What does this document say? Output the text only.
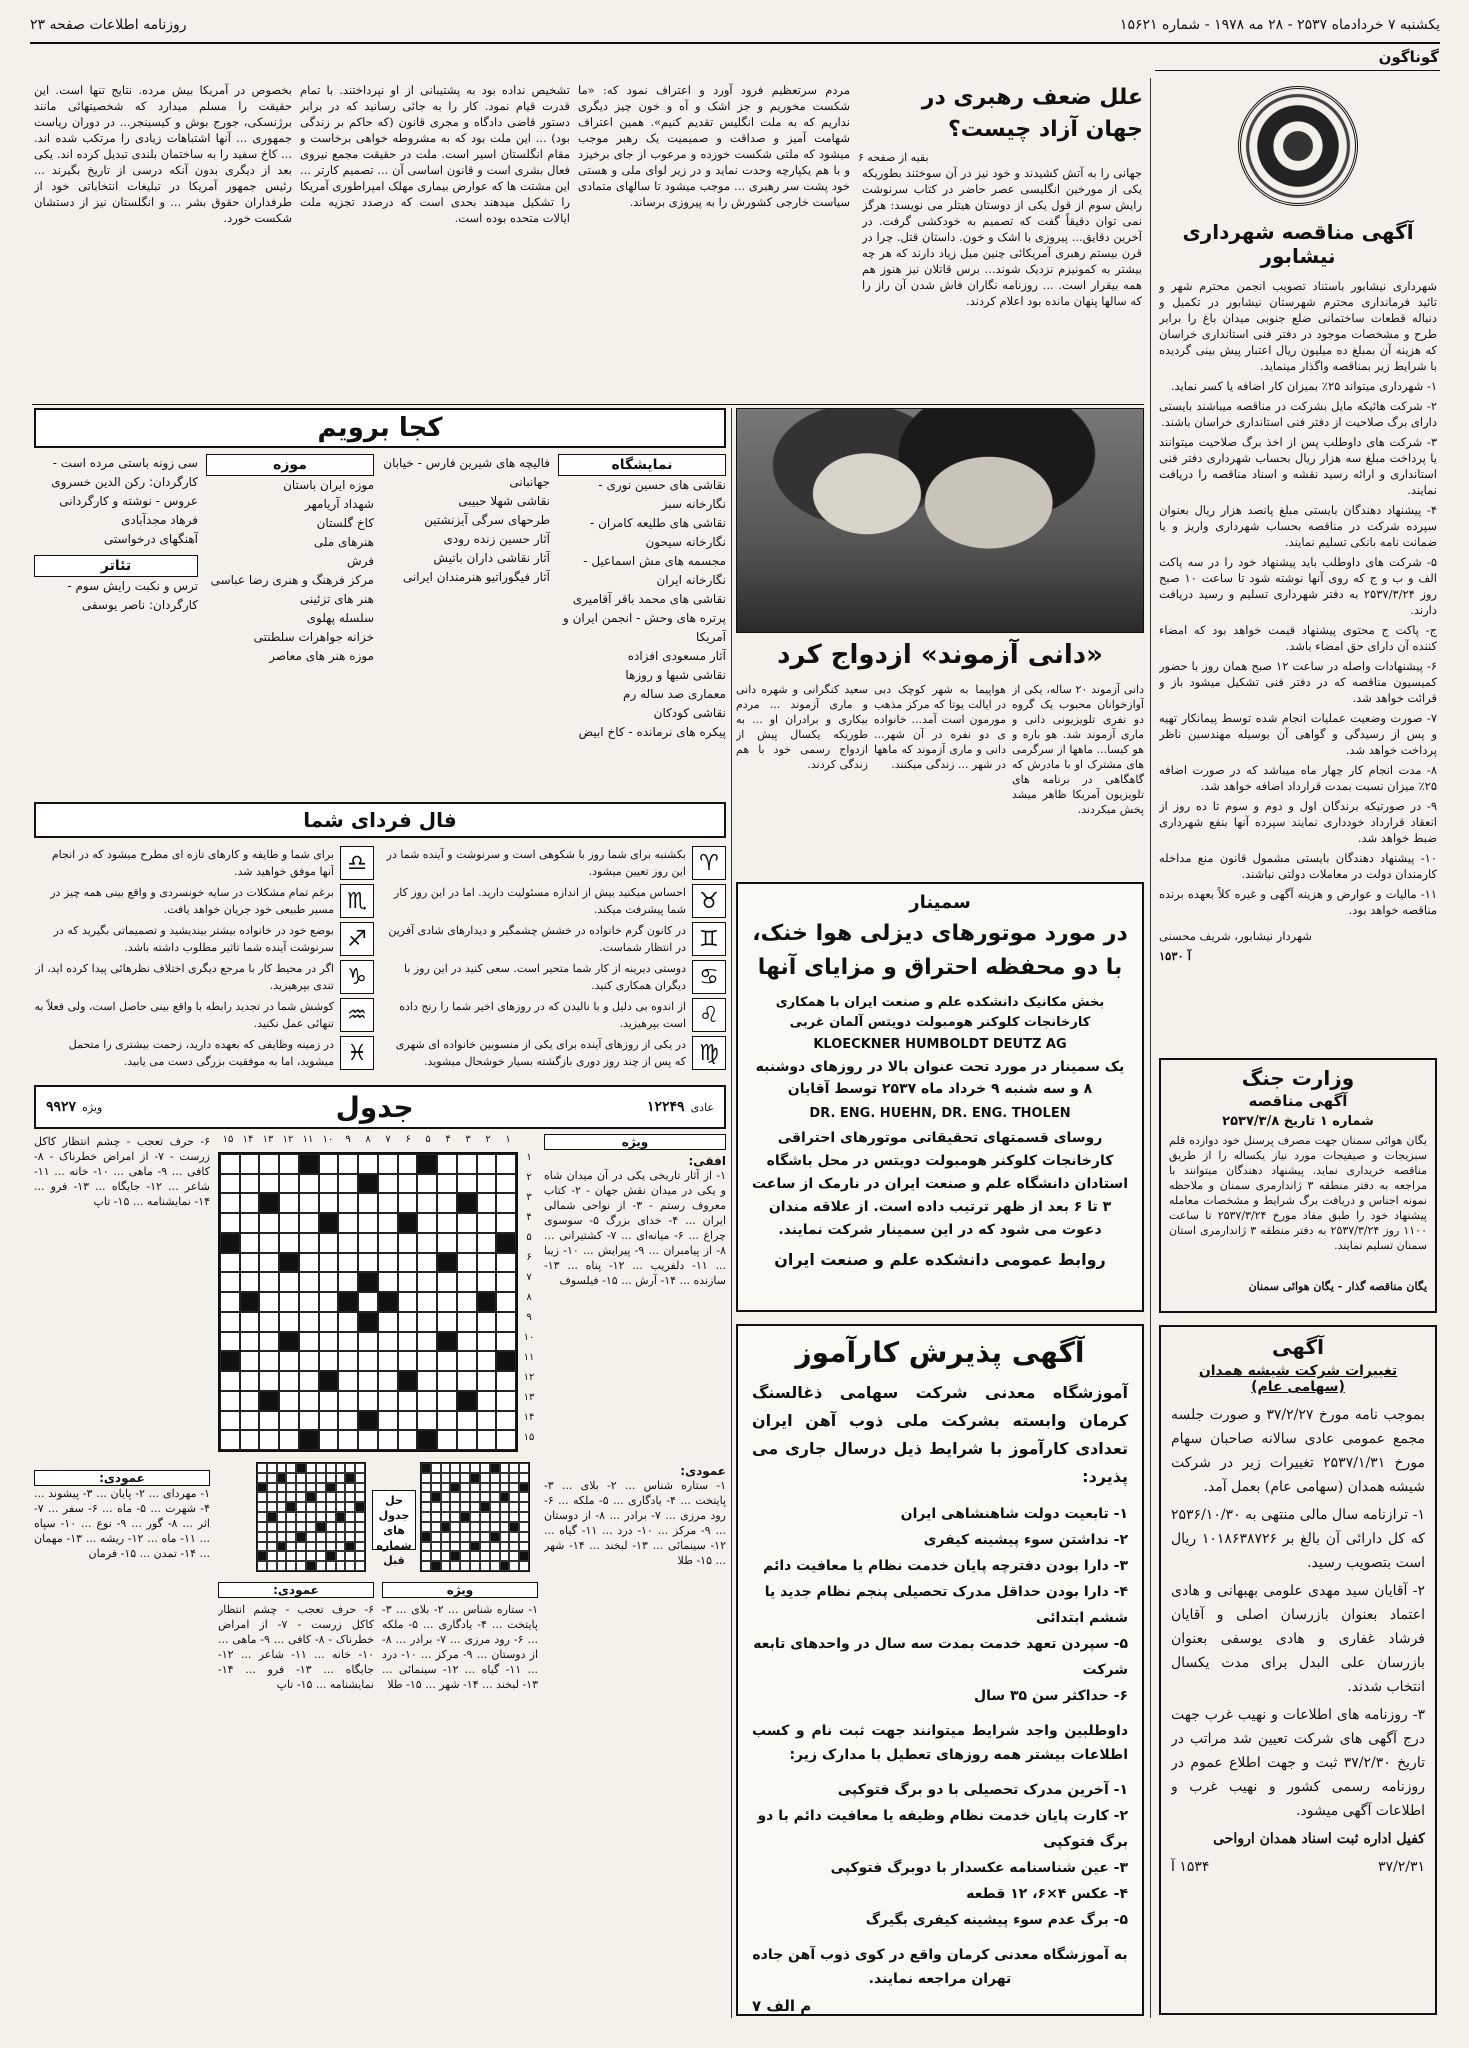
یکشنبه ۷ خردادماه ۲۵۳۷ - ۲۸ مه ۱۹۷۸ - شماره ۱۵۶۲۱
روزنامه اطلاعات صفحه ۲۳
گوناگون
آگهی مناقصه شهرداری نیشابور

شهرداری نیشابور باستناد تصویب انجمن محترم شهر و تائید فرمانداری محترم شهرستان نیشابور در تکمیل و دنباله قطعات ساختمانی ضلع جنوبی میدان باغ را برابر طرح و مشخصات موجود در دفتر فنی استانداری خراسان که هزینه آن بمبلغ ده میلیون ریال اعتبار پیش بینی گردیده با شرایط زیر بمناقصه واگذار مینماید.

۱- شهرداری میتواند ۲۵٪ بمیزان کار اضافه یا کسر نماید.

۲- شرکت هائیکه مایل بشرکت در مناقصه میباشند بایستی دارای برگ صلاحیت از دفتر فنی استانداری خراسان باشند.

۳- شرکت های داوطلب پس از اخذ برگ صلاحیت میتوانند یا پرداخت مبلغ سه هزار ریال بحساب شهرداری دفتر فنی استانداری و ارائه رسید نقشه و اسناد مناقصه را دریافت نمایند.

۴- پیشنهاد دهندگان بایستی مبلغ پانصد هزار ریال بعنوان سپرده شرکت در مناقصه بحساب شهرداری واریز و یا ضمانت نامه بانکی تسلیم نمایند.

۵- شرکت های داوطلب باید پیشنهاد خود را در سه پاکت الف و ب و ج که روی آنها نوشته شود تا ساعت ۱۰ صبح روز ۲۵۳۷/۳/۲۴ به دفتر شهرداری تسلیم و رسید دریافت دارند.

ج- پاکت ج محتوی پیشنهاد قیمت خواهد بود که امضاء کننده آن دارای حق امضاء باشد.

۶- پیشنهادات واصله در ساعت ۱۲ صبح همان روز با حضور کمیسیون مناقصه که در دفتر فنی تشکیل میشود باز و قرائت خواهد شد.

۷- صورت وضعیت عملیات انجام شده توسط پیمانکار تهیه و پس از رسیدگی و گواهی آن بوسیله مهندسین ناظر پرداخت خواهد شد.

۸- مدت انجام کار چهار ماه میباشد که در صورت اضافه ۲۵٪ میزان نسبت بمدت قرارداد اضافه خواهد شد.

۹- در صورتیکه برندگان اول و دوم و سوم تا ده روز از انعقاد قرارداد خودداری نمایند سپرده آنها بنفع شهرداری ضبط خواهد شد.

۱۰- پیشنهاد دهندگان بایستی مشمول قانون منع مداخله کارمندان دولت در معاملات دولتی نباشند.

۱۱- مالیات و عوارض و هزینه آگهی و غیره کلاً بعهده برنده مناقصه خواهد بود.

شهردار نیشابور، شریف محسنی

آ ۱۵۳۰

وزارت جنگ
آگهی مناقصه
شماره ۱ تاریخ ۲۵۳۷/۳/۸
یگان هوائی سمنان جهت مصرف پرسنل خود دوازده قلم سبزیجات و صیفیجات مورد نیاز یکساله را از طریق مناقصه خریداری نماید. پیشنهاد دهندگان میتوانند با مراجعه به دفتر منطقه ۳ ژاندارمری سمنان و ملاحظه نمونه اجناس و دریافت برگ شرایط و مشخصات معامله پیشنهاد خود را طبق مفاد مورخ ۲۵۳۷/۳/۲۴ تا ساعت ۱۱۰۰ روز ۲۵۳۷/۳/۲۴ به دفتر منطقه ۳ ژاندارمری استان سمنان تسلیم نمایند.
یگان مناقصه گذار - یگان هوائی سمنان
آگهی
تغییرات شرکت شیشه همدان (سهامی عام)

بموجب نامه مورخ ۳۷/۲/۲۷ و صورت جلسه مجمع عمومی عادی سالانه صاحبان سهام مورخ ۲۵۳۷/۱/۳۱ تغییرات زیر در شرکت شیشه همدان (سهامی عام) بعمل آمد.

۱- ترازنامه سال مالی منتهی به ۲۵۳۶/۱۰/۳۰ که کل دارائی آن بالغ بر ۱۰۱۸۶۳۸۷۲۶ ریال است بتصویب رسید.

۲- آقایان سید مهدی علومی بهبهانی و هادی اعتماد بعنوان بازرسان اصلی و آقایان فرشاد غفاری و هادی یوسفی بعنوان بازرسان علی البدل برای مدت یکسال انتخاب شدند.

۳- روزنامه های اطلاعات و نهیب غرب جهت درج آگهی های شرکت تعیین شد مراتب در تاریخ ۳۷/۲/۳۰ ثبت و جهت اطلاع عموم در روزنامه رسمی کشور و نهیب غرب و اطلاعات آگهی میشود.

کفیل اداره ثبت اسناد همدان ارواحی

۳۷/۲/۳۱
۱۵۳۴ آ

علل ضعف رهبری در جهان آزاد چیست؟
بقیه از صفحه ۶
جهانی را به آتش کشیدند و خود نیز در آن سوختند بطوریکه یکی از مورخین انگلیسی عصر حاضر در کتاب سرنوشت رایش سوم از قول یکی از دوستان هیتلر می نویسد: هرگز نمی توان دقیقاً گفت که تصمیم به خودکشی گرفت. در آخرین دقایق... پیروزی با اشک و خون. داستان قتل. چرا در قرن بیستم رهبری آمریکائی چنین میل زیاد دارند که هر چه بیشتر به کمونیزم نزدیک شوند... برس قاتلان نیز هنوز هم همه بیقرار است. ... روزنامه نگاران فاش شدن آن راز را که سالها پنهان مانده بود اعلام کردند.
مردم سرتعظیم فرود آورد و اعتراف نمود که: «ما شکست مخوریم و جز اشک و آه و خون چیز دیگری نداریم که به ملت انگلیس تقدیم کنیم». همین اعتراف شهامت آمیز و صداقت و صمیمیت یک رهبر موجب میشود که ملتی شکست خورده و مرعوب از جای برخیزد و با هم یکپارچه وحدت نماید و در زیر لوای ملی و هستی خود پشت سر رهبری ... موجب میشود تا سالهای متمادی سیاست خارجی کشورش را به پیروزی برساند.
تشخیص نداده بود به پشتیبانی از او نپرداختند. با تمام قدرت قیام نمود. کار را به جائی رسانید که در برابر دستور قاضی دادگاه و مجری قانون (که حاکم بر زندگی بود) ... این ملت بود که به مشروطه خواهی برخاست و مقام انگلستان اسیر است. ملت در حقیقت مجمع نیروی فعال بشری است و قانون اساسی آن ... تصمیم کارتر ... این مشتت ها که عوارض بیماری مهلک امپراطوری آمریکا را تشکیل میدهند بحدی است که درصدد تجزیه ملت ایالات متحده بوده است.
بخصوص در آمریکا بیش مرده. نتایج تنها است. این حقیقت را مسلم میدارد که شخصیتهائی مانند برژنسکی، جورج بوش و کیسینجر... در دوران ریاست جمهوری ... آنها اشتباهات زیادی را مرتکب شده اند. ... کاخ سفید را به ساختمان بلندی تبدیل کرده اند. یکی بعد از دیگری بدون آنکه درسی از تاریخ بگیرند ... رئیس جمهور آمریکا در تبلیغات انتخاباتی خود از طرفداران حقوق بشر ... و انگلستان نیز از دستشان شکست خورد.
«دانی آزموند» ازدواج کرد
دانی آزموند ۲۰ ساله، یکی از آوازخوانان محبوب یک گروه دو نفری تلویزیونی دانی و ماری آزموند شد. هو باره و هو کیسا... ماهها از سرگرمی های مشترک او با مادرش که گاهگاهی در برنامه های تلویزیون آمریکا ظاهر میشد پخش میکردند.
هواپیما به شهر کوچک دبی در ایالت یوتا که مرکز مذهب مورمون است آمد... خانواده ی دو نفره در آن شهر... دانی و ماری آزموند که ماهها در شهر ... زندگی میکنند.
سعید کنگرانی و شهره دانی و ماری آزموند ... مردم بیکاری و برادران او ... به طوریکه یکسال پیش از ازدواج رسمی خود با هم زندگی کردند.
کجا برویم
نمایشگاه
نقاشی های حسین نوری - نگارخانه سبز
نقاشی های طلیعه کامران - نگارخانه سیحون
مجسمه های مش اسماعیل - نگارخانه ایران
نقاشی های محمد باقر آقامیری
پرتره های وحش - انجمن ایران و آمریکا
آثار مسعودی افزاده
نقاشی شبها و روزها
معماری صد ساله رم
نقاشی کودکان
پیکره های نرمانده - کاخ ابیض
فالیچه های شیرین فارس - خیابان جهانبانی
نقاشی شهلا حبیبی
طرحهای سرگی آیزنشتین
آثار حسین زنده رودی
آثار نقاشی داران باتیش
آثار فیگوراتیو هنرمندان ایرانی
موزه
موزه ایران باستان
شهداد آریامهر
کاخ گلستان
هنرهای ملی
فرش
مرکز فرهنگ و هنری رضا عباسی
هنر های تزئینی
سلسله پهلوی
خزانه جواهرات سلطنتی
موزه هنر های معاصر
سی زونه باستی مرده است - کارگردان: رکن الدین خسروی
عروس - نوشته و کارگردانی فرهاد مجدآبادی
آهنگهای درخواستی
تئاتر
ترس و نکبت رایش سوم - کارگردان: ناصر یوسفی
فال فردای شما
♈
بکشنبه برای شما روز با شکوهی است و سرنوشت و آینده شما در این روز تعیین میشود.
♉
احساس میکنید بیش از اندازه مسئولیت دارید. اما در این روز کار شما پیشرفت میکند.
♊
در کانون گرم خانواده در خشش چشمگیر و دیدارهای شادی آفرین در انتظار شماست.
♋
دوستی دیرینه از کار شما متحیر است. سعی کنید در این روز با دیگران همکاری کنید.
♌
از اندوه بی دلیل و با نالیدن که در روزهای اخیر شما را رنج داده است بپرهیزید.
♍
در یکی از روزهای آینده برای یکی از منسوبین خانواده ای شهری که پس از چند روز دوری بازگشته بسیار خوشحال میشوید.
♎
برای شما و طایفه و کارهای تازه ای مطرح میشود که در انجام آنها موفق خواهید شد.
♏
برغم تمام مشکلات در سایه خونسردی و واقع بینی همه چیز در مسیر طبیعی خود جریان خواهد یافت.
♐
بوضع خود در خانواده بیشتر بیندیشید و تصمیماتی بگیرید که در سرنوشت آینده شما تاثیر مطلوب داشته باشد.
♑
اگر در محیط کار با مرجع دیگری اختلاف نظرهائی پیدا کرده اید، از تندی بپرهیزید.
♒
کوشش شما در تجدید رابطه با واقع بینی حاصل است، ولی فعلاً به تنهائی عمل نکنید.
♓
در زمینه وظایفی که بعهده دارید، زحمت بیشتری را متحمل میشوید، اما به موفقیت بزرگی دست می یابید.
سمینار
در مورد موتورهای دیزلی هوا خنک، با دو محفظه احتراق و مزایای آنها
بخش مکانیک دانشکده علم و صنعت ایران با همکاری کارخانجات کلوکنر هومبولت دویتس آلمان غربی
KLOECKNER HUMBOLDT DEUTZ AG
یک سمینار در مورد تحت عنوان بالا در روزهای دوشنبه ۸ و سه شنبه ۹ خرداد ماه ۲۵۳۷ توسط آقایان
DR. ENG. HUEHN, DR. ENG. THOLEN
روسای قسمتهای تحقیقاتی موتورهای احتراقی کارخانجات کلوکنر هومبولت دویتس در محل باشگاه استادان دانشگاه علم و صنعت ایران در نارمک از ساعت ۳ تا ۶ بعد از ظهر ترتیب داده است. از علاقه مندان دعوت می شود که در این سمینار شرکت نمایند.
روابط عمومی دانشکده علم و صنعت ایران
آگهی پذیرش کارآموز
آموزشگاه معدنی شرکت سهامی ذغالسنگ کرمان وابسته بشرکت ملی ذوب آهن ایران تعدادی کارآموز با شرایط ذیل درسال جاری می پذیرد:
۱- تابعیت دولت شاهنشاهی ایران
۲- نداشتن سوء پیشینه کیفری
۳- دارا بودن دفترچه پایان خدمت نظام یا معافیت دائم
۴- دارا بودن حداقل مدرک تحصیلی پنجم نظام جدید یا ششم ابتدائی
۵- سپردن تعهد خدمت بمدت سه سال در واحدهای تابعه شرکت
۶- حداکثر سن ۳۵ سال
داوطلبین واجد شرایط میتوانند جهت ثبت نام و کسب اطلاعات بیشتر همه روزهای تعطیل با مدارک زیر:
۱- آخرین مدرک تحصیلی با دو برگ فتوکپی
۲- کارت پایان خدمت نظام وظیفه یا معافیت دائم با دو برگ فتوکپی
۳- عین شناسنامه عکسدار با دوبرگ فتوکپی
۴- عکس ۴×۶، ۱۲ قطعه
۵- برگ عدم سوء پیشینه کیفری بگیرگ
به آموزشگاه معدنی کرمان واقع در کوی ذوب آهن جاده تهران مراجعه نمایند.
م الف ۷
عادی
۱۲۲۴۹
جدول
ویژه
۹۹۲۷
۱۵ ۱۴ ۱۳ ۱۲ ۱۱ ۱۰	۹	۸	۷	۶	۵	۴	۳	۲	۱
۱
۲
۳
۴
۵
۶
۷
۸
۹
۱۰
۱۱
۱۲
۱۳
۱۴
۱۵
ویژه
افقی:
۱- از آثار تاریخی یکی در آن میدان شاه و یکی در میدان نقش جهان - ۲- کتاب معروف رستم - ۳- از نواحی شمالی ایران ... ۴- خدای بزرگ ۵- سوسوی چراغ ... ۶- میانه‌ای ... ۷- کشتیرانی ... ۸- از پیامبران ... ۹- پیرایش ... ۱۰- زیبا ... ۱۱- دلفریب ... ۱۲- پناه ... ۱۳- سازنده ... ۱۴- آرش ... ۱۵- فیلسوف
عمودی:
۱- ستاره شناس ... ۲- بلای ... ۳- پایتخت ... ۴- یادگاری ... ۵- ملکه ... ۶- رود مرزی ... ۷- برادر ... ۸- از دوستان ... ۹- مرکز ... ۱۰- درد ... ۱۱- گیاه ... ۱۲- سینمائی ... ۱۳- لبخند ... ۱۴- شهر ... ۱۵- طلا
۶- حرف تعجب - چشم انتظار کاکل زرست - ۷- از امراض خطرناک - ۸- کافی ... ۹- ماهی ... ۱۰- خانه ... ۱۱- شاعر ... ۱۲- جایگاه ... ۱۳- فرو ... ۱۴- نمایشنامه ... ۱۵- تاپ
عمودی:
۱- مهردای ... ۲- پایان ... ۳- پیشوند ... ۴- شهرت ... ۵- ماه ... ۶- سفر ... ۷- اثر ... ۸- گور ... ۹- نوع ... ۱۰- سپاه ... ۱۱- ماه ... ۱۲- ریشه ... ۱۳- مهمان ... ۱۴- تمدن ... ۱۵- فرمان
حل جدول های شماره قبل
ویژه
عمودی:
۱- ستاره شناس ... ۲- بلای ... ۳- پایتخت ... ۴- یادگاری ... ۵- ملکه ... ۶- رود مرزی ... ۷- برادر ... ۸- از دوستان ... ۹- مرکز ... ۱۰- درد ... ۱۱- گیاه ... ۱۲- سینمائی ... ۱۳- لبخند ... ۱۴- شهر ... ۱۵- طلا
۶- حرف تعجب - چشم انتظار کاکل زرست - ۷- از امراض خطرناک - ۸- کافی ... ۹- ماهی ... ۱۰- خانه ... ۱۱- شاعر ... ۱۲- جایگاه ... ۱۳- فرو ... ۱۴- نمایشنامه ... ۱۵- تاپ
